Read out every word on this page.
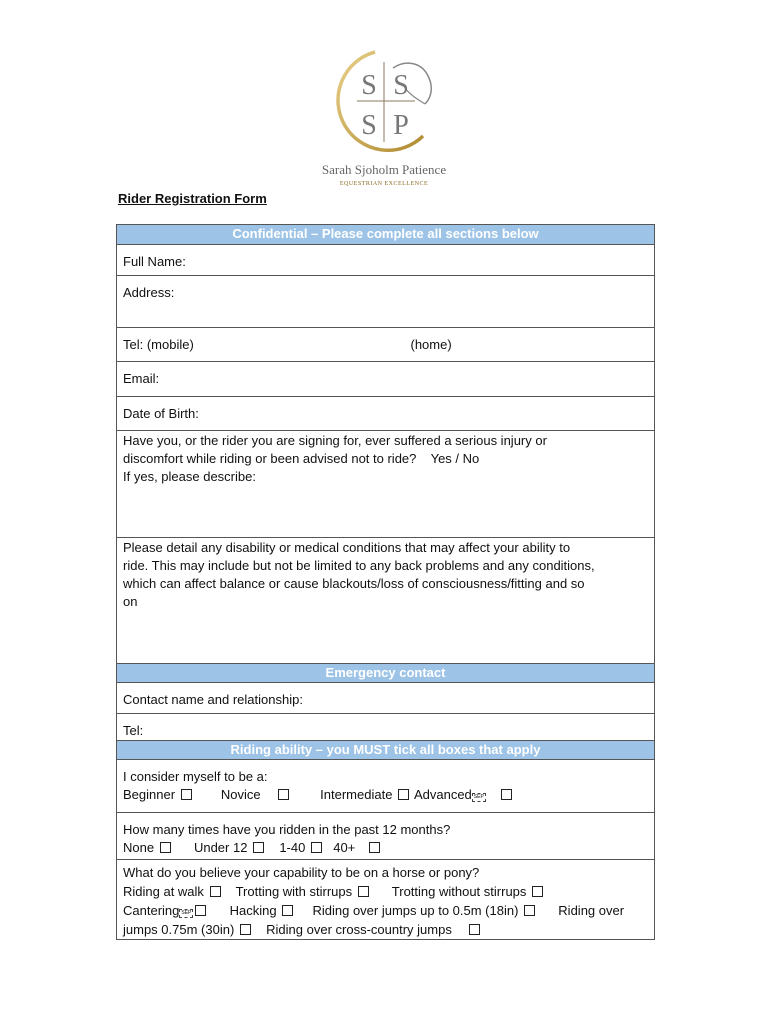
S S
S P
Sarah Sjoholm Patience
EQUESTRIAN EXCELLENCE
Rider Registration Form
Confidential – Please complete all sections below
Full Name:
Address:
Tel: (mobile)	(home)

Email:
Date of Birth:

Have you, or the rider you are signing for, ever suffered a serious injury or
discomfort while riding or been advised not to ride?    Yes / No
If yes, please describe:

Please detail any disability or medical conditions that may affect your ability to
ride. This may include but not be limited to any back problems and any conditions,
which can affect balance or cause blackouts/loss of consciousness/fitting and so
on

Emergency contact
Contact name and relationship:
Tel:
Riding ability – you MUST tick all boxes that apply

I consider myself to be a:
Beginner	Novice	Intermediate Advanced SEP

How many times have you ridden in the past 12 months?
None	Under 12 1-40 40+

What do you believe your capability to be on a horse or pony?
Riding at walk Trotting with stirrups	Trotting without stirrups
Cantering SEP	Hacking	Riding over jumps up to 0.5m (18in)	Riding over
jumps 0.75m (30in) Riding over cross-country jumps
